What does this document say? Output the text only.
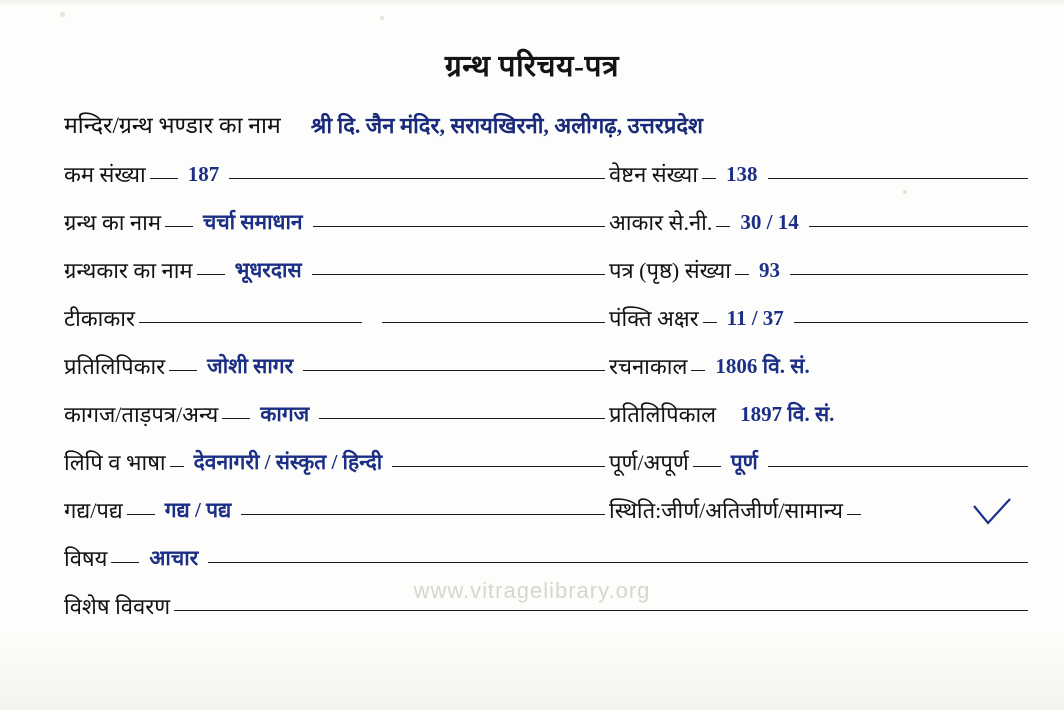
ग्रन्थ परिचय-पत्र
मन्दिर/ग्रन्थ भण्डार का नाम श्री दि. जैन मंदिर, सरायखिरनी, अलीगढ़, उत्तरप्रदेश
कम संख्या 187	वेष्टन संख्या 138
ग्रन्थ का नाम चर्चा समाधान	आकार से.नी. 30 / 14
ग्रन्थकार का नाम भूधरदास	पत्र (पृष्ठ) संख्या 93
टीकाकार	पंक्ति अक्षर 11 / 37
प्रतिलिपिकार जोशी सागर	रचनाकाल 1806 वि. सं.
कागज/ताड़पत्र/अन्य कागज	प्रतिलिपिकाल 1897 वि. सं.
लिपि व भाषा देवनागरी / संस्कृत / हिन्दी	पूर्ण/अपूर्ण पूर्ण
गद्य/पद्य गद्य / पद्य	स्थिति:जीर्ण/अतिजीर्ण/सामान्य
विषय आचार
विशेष विवरण
www.vitragelibrary.org
